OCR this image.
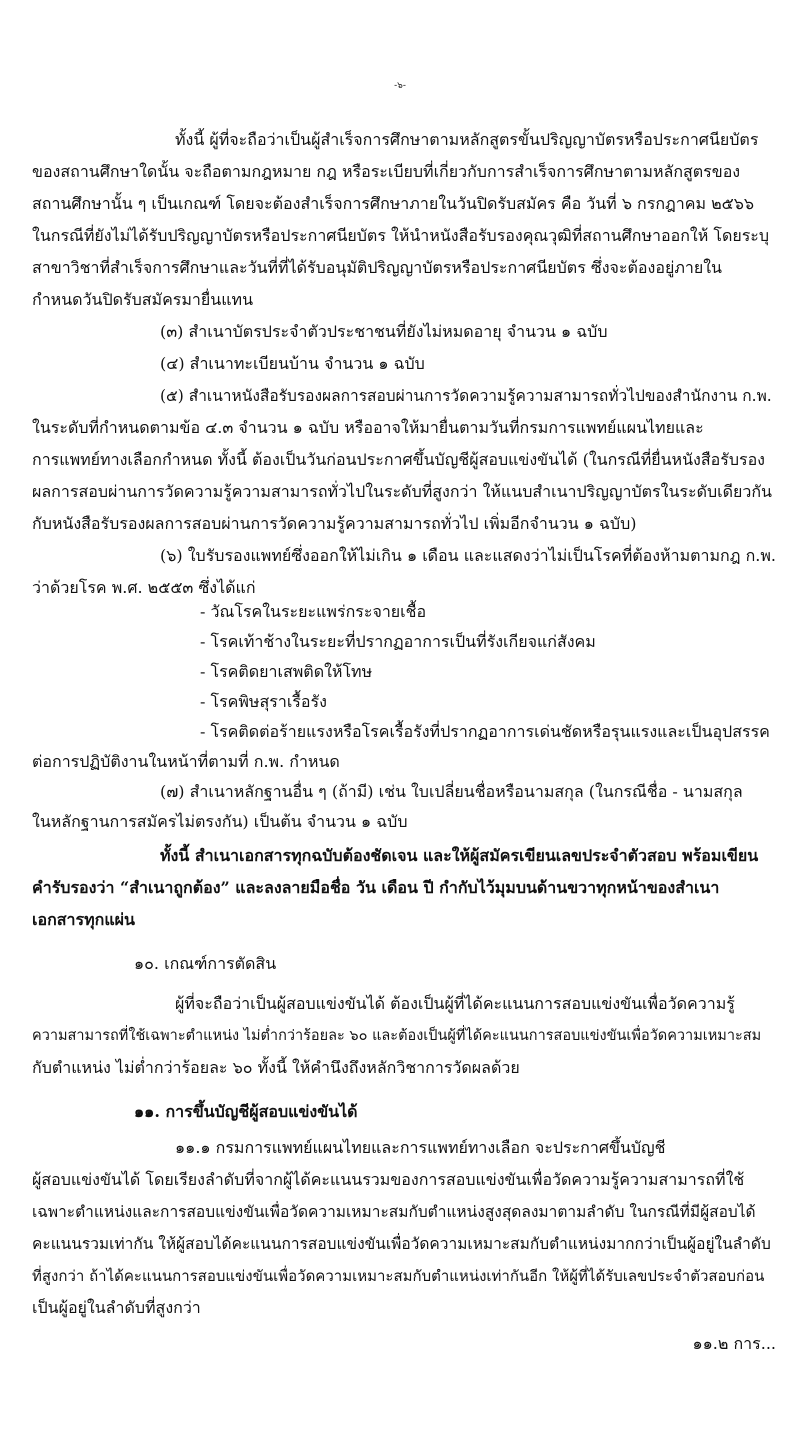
-๖-
ทั้งนี้ ผู้ที่จะถือว่าเป็นผู้สำเร็จการศึกษาตามหลักสูตรขั้นปริญญาบัตรหรือประกาศนียบัตร
ของสถานศึกษาใดนั้น จะถือตามกฎหมาย กฎ หรือระเบียบที่เกี่ยวกับการสำเร็จการศึกษาตามหลักสูตรของ
สถานศึกษานั้น ๆ เป็นเกณฑ์ โดยจะต้องสำเร็จการศึกษาภายในวันปิดรับสมัคร คือ วันที่ ๖ กรกฎาคม ๒๕๖๖
ในกรณีที่ยังไม่ได้รับปริญญาบัตรหรือประกาศนียบัตร ให้นำหนังสือรับรองคุณวุฒิที่สถานศึกษาออกให้ โดยระบุ
สาขาวิชาที่สำเร็จการศึกษาและวันที่ที่ได้รับอนุมัติปริญญาบัตรหรือประกาศนียบัตร ซึ่งจะต้องอยู่ภายใน
กำหนดวันปิดรับสมัครมายื่นแทน
(๓) สำเนาบัตรประจำตัวประชาชนที่ยังไม่หมดอายุ จำนวน ๑ ฉบับ
(๔) สำเนาทะเบียนบ้าน จำนวน ๑ ฉบับ
(๕) สำเนาหนังสือรับรองผลการสอบผ่านการวัดความรู้ความสามารถทั่วไปของสำนักงาน ก.พ.
ในระดับที่กำหนดตามข้อ ๔.๓ จำนวน ๑ ฉบับ หรืออาจให้มายื่นตามวันที่กรมการแพทย์แผนไทยและ
การแพทย์ทางเลือกกำหนด ทั้งนี้ ต้องเป็นวันก่อนประกาศขึ้นบัญชีผู้สอบแข่งขันได้ (ในกรณีที่ยื่นหนังสือรับรอง
ผลการสอบผ่านการวัดความรู้ความสามารถทั่วไปในระดับที่สูงกว่า ให้แนบสำเนาปริญญาบัตรในระดับเดียวกัน
กับหนังสือรับรองผลการสอบผ่านการวัดความรู้ความสามารถทั่วไป เพิ่มอีกจำนวน ๑ ฉบับ)
(๖) ใบรับรองแพทย์ซึ่งออกให้ไม่เกิน ๑ เดือน และแสดงว่าไม่เป็นโรคที่ต้องห้ามตามกฎ ก.พ.
ว่าด้วยโรค พ.ศ. ๒๕๕๓ ซึ่งได้แก่
- วัณโรคในระยะแพร่กระจายเชื้อ
- โรคเท้าช้างในระยะที่ปรากฏอาการเป็นที่รังเกียจแก่สังคม
- โรคติดยาเสพติดให้โทษ
- โรคพิษสุราเรื้อรัง
- โรคติดต่อร้ายแรงหรือโรคเรื้อรังที่ปรากฏอาการเด่นชัดหรือรุนแรงและเป็นอุปสรรค
ต่อการปฏิบัติงานในหน้าที่ตามที่ ก.พ. กำหนด
(๗) สำเนาหลักฐานอื่น ๆ (ถ้ามี) เช่น ใบเปลี่ยนชื่อหรือนามสกุล (ในกรณีชื่อ - นามสกุล
ในหลักฐานการสมัครไม่ตรงกัน) เป็นต้น จำนวน ๑ ฉบับ
ทั้งนี้ สำเนาเอกสารทุกฉบับต้องชัดเจน และให้ผู้สมัครเขียนเลขประจำตัวสอบ พร้อมเขียน
คำรับรองว่า “สำเนาถูกต้อง” และลงลายมือชื่อ วัน เดือน ปี กำกับไว้มุมบนด้านขวาทุกหน้าของสำเนา
เอกสารทุกแผ่น
๑๐. เกณฑ์การตัดสิน
ผู้ที่จะถือว่าเป็นผู้สอบแข่งขันได้ ต้องเป็นผู้ที่ได้คะแนนการสอบแข่งขันเพื่อวัดความรู้
ความสามารถที่ใช้เฉพาะตำแหน่ง ไม่ต่ำกว่าร้อยละ ๖๐ และต้องเป็นผู้ที่ได้คะแนนการสอบแข่งขันเพื่อวัดความเหมาะสม
กับตำแหน่ง ไม่ต่ำกว่าร้อยละ ๖๐ ทั้งนี้ ให้คำนึงถึงหลักวิชาการวัดผลด้วย
๑๑. การขึ้นบัญชีผู้สอบแข่งขันได้
๑๑.๑ กรมการแพทย์แผนไทยและการแพทย์ทางเลือก จะประกาศขึ้นบัญชี
ผู้สอบแข่งขันได้ โดยเรียงลำดับที่จากผู้ได้คะแนนรวมของการสอบแข่งขันเพื่อวัดความรู้ความสามารถที่ใช้
เฉพาะตำแหน่งและการสอบแข่งขันเพื่อวัดความเหมาะสมกับตำแหน่งสูงสุดลงมาตามลำดับ ในกรณีที่มีผู้สอบได้
คะแนนรวมเท่ากัน ให้ผู้สอบได้คะแนนการสอบแข่งขันเพื่อวัดความเหมาะสมกับตำแหน่งมากกว่าเป็นผู้อยู่ในลำดับ
ที่สูงกว่า ถ้าได้คะแนนการสอบแข่งขันเพื่อวัดความเหมาะสมกับตำแหน่งเท่ากันอีก ให้ผู้ที่ได้รับเลขประจำตัวสอบก่อน
เป็นผู้อยู่ในลำดับที่สูงกว่า
๑๑.๒ การ...
